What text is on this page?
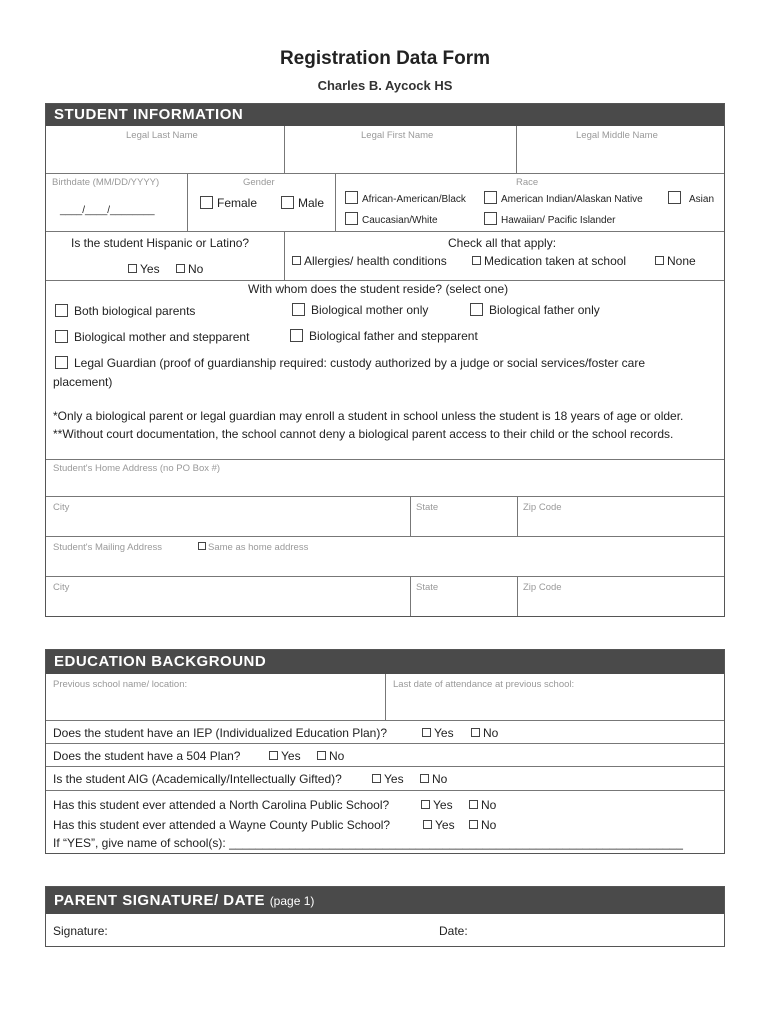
Registration Data Form
Charles B. Aycock HS
STUDENT INFORMATION
Legal Last Name	Legal First Name	Legal Middle Name
Birthdate (MM/DD/YYYY)
____/____/________
Gender
Female	Male
Race
African-American/Black	American Indian/Alaskan Native	Asian
Caucasian/White	Hawaiian/ Pacific Islander
Is the student Hispanic or Latino?
Yes	No
Check all that apply:
Allergies/ health conditions	Medication taken at school	None
With whom does the student reside? (select one)
Both biological parents	Biological mother only	Biological father only
Biological mother and stepparent	Biological father and stepparent
Legal Guardian (proof of guardianship required: custody authorized by a judge or social services/foster care
placement)
*Only a biological parent or legal guardian may enroll a student in school unless the student is 18 years of age or older.
**Without court documentation, the school cannot deny a biological parent access to their child or the school records.
Student's Home Address (no PO Box #)
City	State	Zip Code
Student's Mailing Address	Same as home address
City	State	Zip Code
EDUCATION BACKGROUND
Previous school name/ location:	Last date of attendance at previous school:
Does the student have an IEP (Individualized Education Plan)?	Yes	No
Does the student have a 504 Plan?	Yes	No
Is the student AIG (Academically/Intellectually Gifted)?	Yes	No
Has this student ever attended a North Carolina Public School?	Yes	No
Has this student ever attended a Wayne County Public School?	Yes	No
If “YES”, give name of school(s): ____________________________________________________________________
PARENT SIGNATURE/ DATE (page 1)
Signature:	Date:
